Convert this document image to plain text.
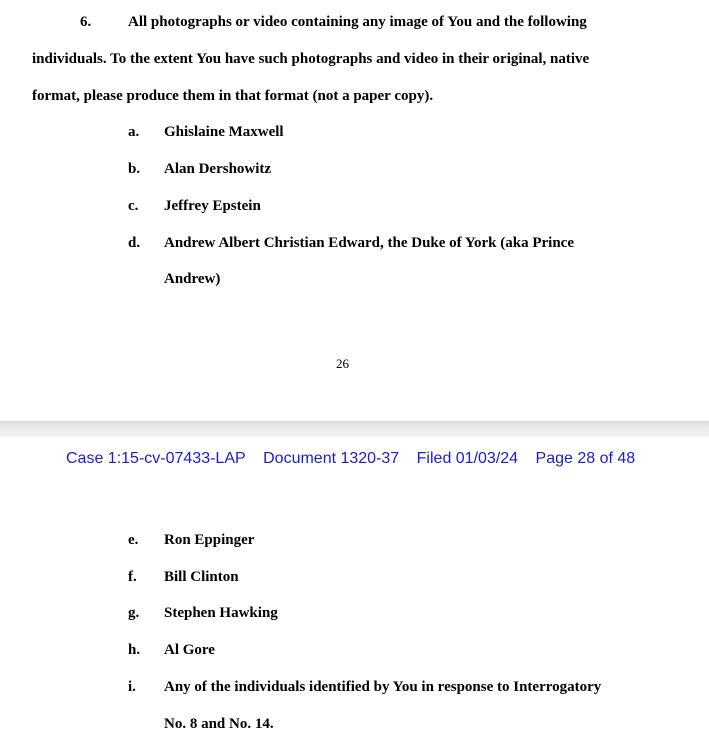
6. All photographs or video containing any image of You and the following
individuals. To the extent You have such photographs and video in their original, native
format, please produce them in that format (not a paper copy).
a. Ghislaine Maxwell
b. Alan Dershowitz
c. Jeffrey Epstein
d. Andrew Albert Christian Edward, the Duke of York (aka Prince
Andrew)
26
Case 1:15-cv-07433-LAP Document 1320-37 Filed 01/03/24 Page 28 of 48
e. Ron Eppinger
f. Bill Clinton
g. Stephen Hawking
h. Al Gore
i. Any of the individuals identified by You in response to Interrogatory
No. 8 and No. 14.
